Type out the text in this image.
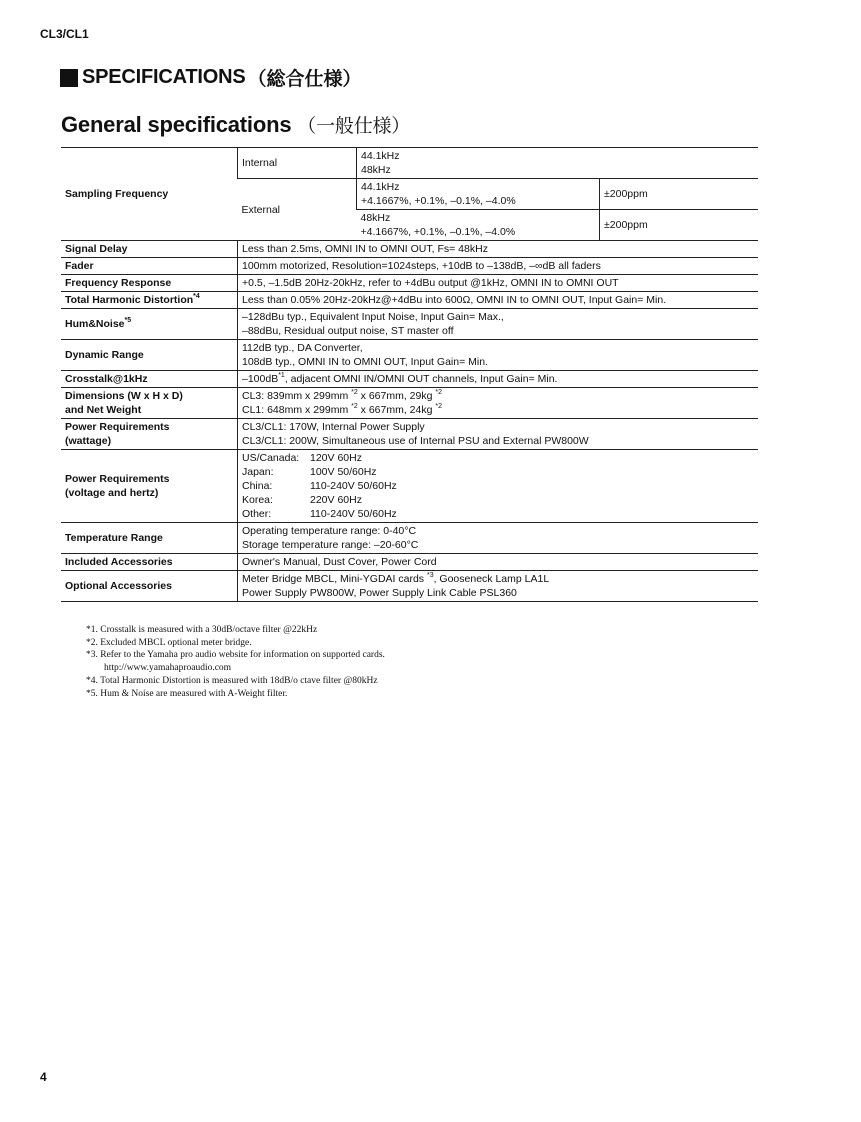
CL3/CL1
SPECIFICATIONS （総合仕様）
General specifications （一般仕様）
Sampling Frequency	Internal	44.1kHz
48kHz	

	External	44.1kHz
+4.1667%, +0.1%, –0.1%, –4.0%	±200ppm

		48kHz
+4.1667%, +0.1%, –0.1%, –4.0%	±200ppm
Signal Delay	Less than 2.5ms, OMNI IN to OMNI OUT, Fs= 48kHz		
Fader	100mm motorized, Resolution=1024steps, +10dB to –138dB, –∞dB all faders		
Frequency Response	+0.5, –1.5dB 20Hz-20kHz, refer to +4dBu output @1kHz, OMNI IN to OMNI OUT		
Total Harmonic Distortion$^{*4}$	Less than 0.05% 20Hz-20kHz@+4dBu into 600Ω, OMNI IN to OMNI OUT, Input Gain= Min.		
Hum&Noise$^{*5}$	–128dBu typ., Equivalent Input Noise, Input Gain= Max.,
–88dBu, Residual output noise, ST master off		

Dynamic Range	112dB typ., DA Converter,
108dB typ., OMNI IN to OMNI OUT, Input Gain= Min.		

Crosstalk@1kHz	$-100dB^{*1}$, adjacent OMNI IN/OMNI OUT channels, Input Gain= Min.		

Dimensions (W x H x D)
and Net Weight	CL3: 839mm x 299mm $^{*2}$ x 667mm, 29kg $^{*2}$
CL1: 648mm x 299mm $^{*2}$ x 667mm, 24kg $^{*2}$

Power Requirements
(wattage)	CL3/CL1: 170W, Internal Power Supply
CL3/CL1: 200W, Simultaneous use of Internal PSU and External PW800W		

Power Requirements
(voltage and hertz)	US/Canada: 120V 60Hz
Japan: 100V 50/60Hz
China: 110-240V 50/60Hz
Korea: 220V 60Hz
Other: 110-240V 50/60Hz		

Temperature Range	Operating temperature range: 0-40°C
Storage temperature range: –20-60°C		

Included Accessories	Owner's Manual, Dust Cover, Power Cord		
Optional Accessories	Meter Bridge MBCL, Mini-YGDAI cards $^{*3}$, Gooseneck Lamp LA1L
Power Supply PW800W, Power Supply Link Cable PSL360		
*1. Crosstalk is measured with a 30dB/octave filter @22kHz
*2. Excluded MBCL optional meter bridge.
*3. Refer to the Yamaha pro audio website for information on supported cards.
http://www.yamahaproaudio.com
*4. Total Harmonic Distortion is measured with 18dB/o ctave filter @80kHz
*5. Hum & Noise are measured with A-Weight filter.
4
